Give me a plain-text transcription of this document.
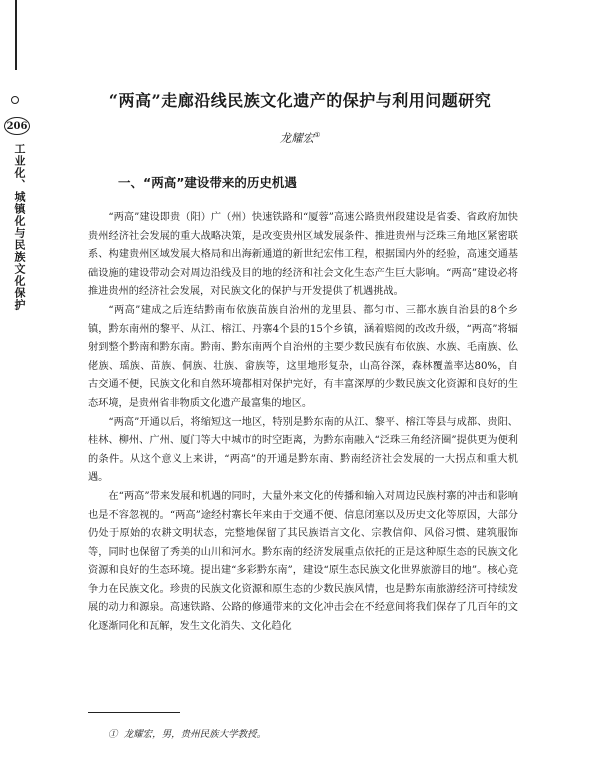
206
工业化、城镇化与民族文化保护
“两高”走廊沿线民族文化遗产的保护与利用问题研究
龙耀宏①
一、“两高”建设带来的历史机遇

“两高”建设即贵（阳）广（州）快速铁路和“厦蓉”高速公路贵州段建设是省委、省政府加快贵州经济社会发展的重大战略决策，是改变贵州区域发展条件、推进贵州与泛珠三角地区紧密联系、构建贵州区域发展大格局和出海新通道的新世纪宏伟工程，根据国内外的经验，高速交通基础设施的建设带动会对周边沿线及目的地的经济和社会文化生态产生巨大影响。“两高”建设必将推进贵州的经济社会发展，对民族文化的保护与开发提供了机遇挑战。

“两高”建成之后连结黔南布依族苗族自治州的龙里县、都匀市、三都水族自治县的8个乡镇，黔东南州的黎平、从江、榕江、丹寨4个县的15个乡镇，涵着赔阅的改改升级，“两高”将辐射到整个黔南和黔东南。黔南、黔东南两个自治州的主要少数民族有布依族、水族、毛南族、仫佬族、瑶族、苗族、侗族、壮族、畲族等，这里地形复杂，山高谷深，森林覆盖率达80%，自古交通不便，民族文化和自然环境都相对保护完好，有丰富深厚的少数民族文化资源和良好的生态环境，是贵州省非物质文化遗产最富集的地区。

“两高”开通以后，将缩短这一地区，特别是黔东南的从江、黎平、榕江等县与成都、贵阳、桂林、柳州、广州、厦门等大中城市的时空距离，为黔东南融入“泛珠三角经济圈”提供更为便利的条件。从这个意义上来讲，“两高”的开通是黔东南、黔南经济社会发展的一大拐点和重大机遇。

在“两高”带来发展和机遇的同时，大量外来文化的传播和输入对周边民族村寨的冲击和影响也是不容忽视的。“两高”途经村寨长年来由于交通不便、信息闭塞以及历史文化等原因，大部分仍处于原始的农耕文明状态，完整地保留了其民族语言文化、宗教信仰、风俗习惯、建筑服饰等，同时也保留了秀美的山川和河水。黔东南的经济发展重点依托的正是这种原生态的民族文化资源和良好的生态环境。提出建“多彩黔东南”，建设“原生态民族文化世界旅游目的地”。核心竞争力在民族文化。珍贵的民族文化资源和原生态的少数民族风情，也是黔东南旅游经济可持续发展的动力和源泉。高速铁路、公路的修通带来的文化冲击会在不经意间将我们保存了几百年的文化逐渐同化和瓦解，发生文化消失、文化趋化

① 龙耀宏，男，贵州民族大学教授。
